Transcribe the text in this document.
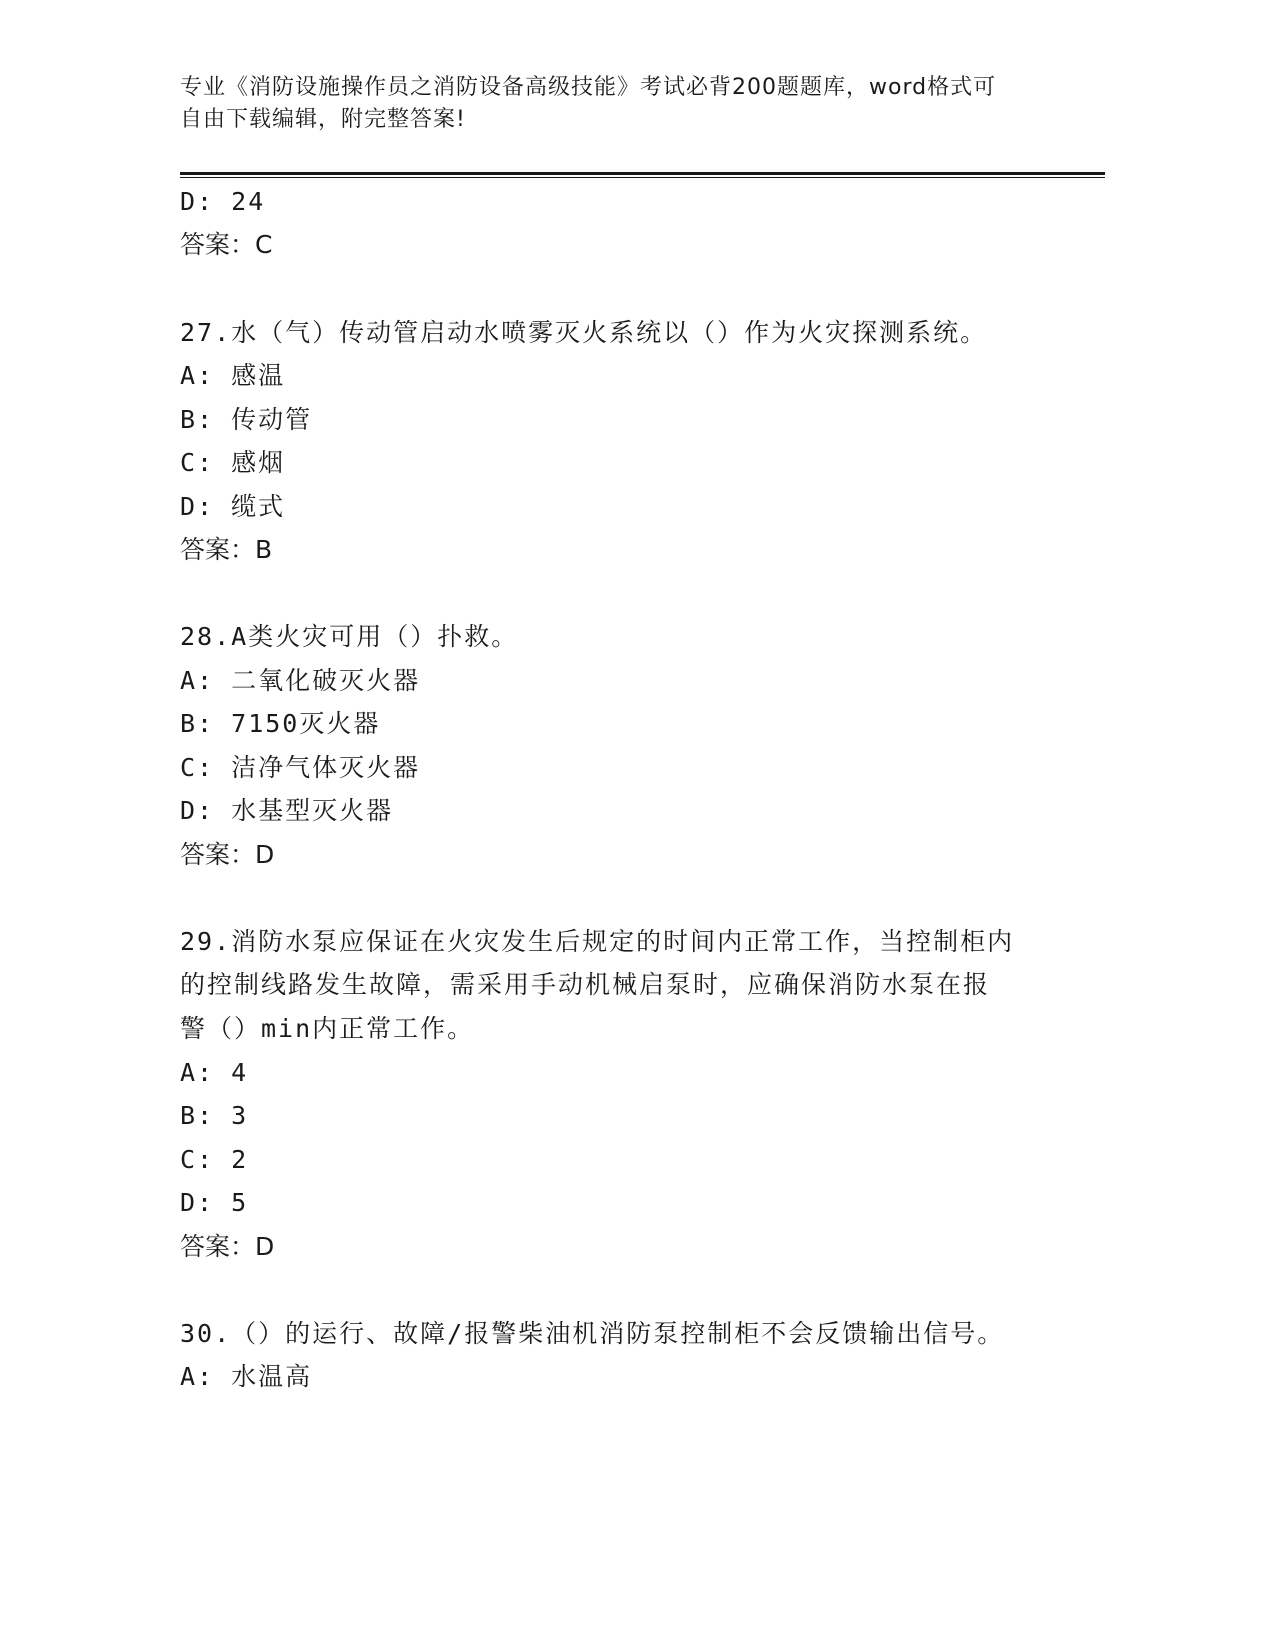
专业《消防设施操作员之消防设备高级技能》考试必背200题题库，word格式可
自由下载编辑，附完整答案!
D: 24
答案：C
27.水（气）传动管启动水喷雾灭火系统以（）作为火灾探测系统。
A: 感温
B: 传动管
C: 感烟
D: 缆式
答案：B
28.A类火灾可用（）扑救。
A: 二氧化破灭火器
B: 7150灭火器
C: 洁净气体灭火器
D: 水基型灭火器
答案：D
29.消防水泵应保证在火灾发生后规定的时间内正常工作，当控制柜内
的控制线路发生故障，需采用手动机械启泵时，应确保消防水泵在报
警（）min内正常工作。
A: 4
B: 3
C: 2
D: 5
答案：D
30.（）的运行、故障/报警柴油机消防泵控制柜不会反馈输出信号。
A: 水温高
